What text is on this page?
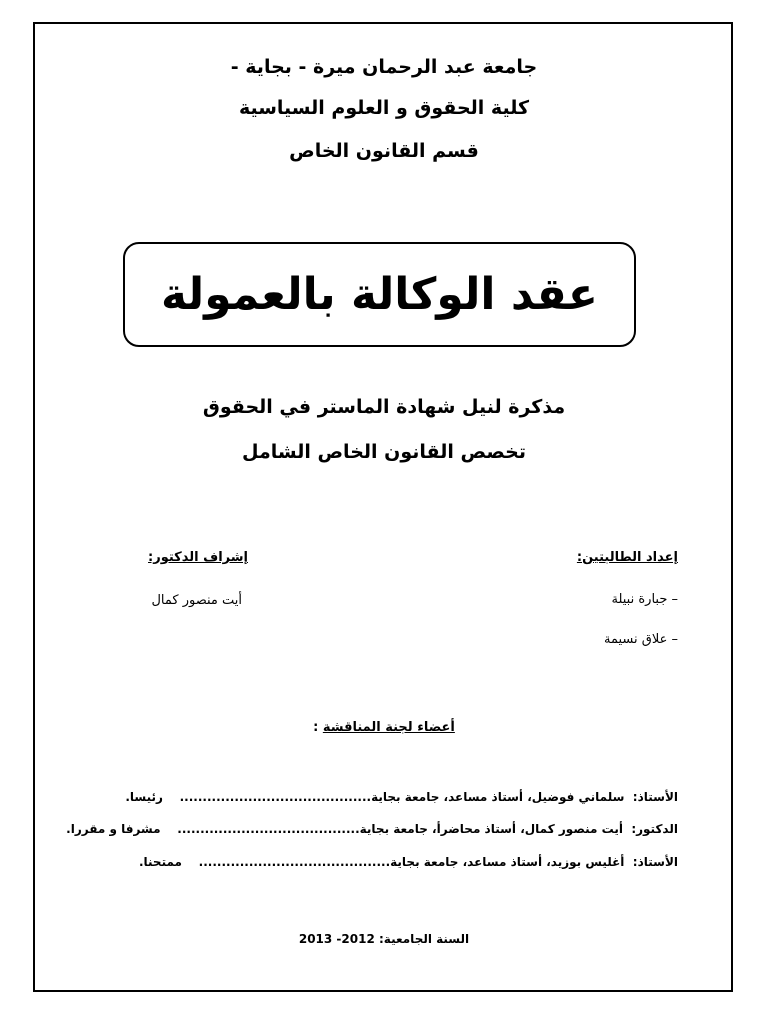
جامعة عبد الرحمان ميرة - بجاية -
كلية الحقوق و العلوم السياسية
قسم القانون الخاص
عقد الوكالة بالعمولة
مذكرة لنيل شهادة الماستر في الحقوق
تخصص القانون الخاص الشامل
إعداد الطالبتين:
– جبارة نبيلة
– علاق نسيمة
إشراف الدكتور:
أيت منصور كمال
أعضاء لجنة المناقشة :
الأستاذ:  سلماني فوضيل، أستاذ مساعد، جامعة بجاية..........................................    رئيسا.
الدكتور:  أيت منصور كمال، أستاذ محاضرأ، جامعة بجاية........................................    مشرفا و مقررا.
الأستاذ:  أغليس بوزيد، أستاذ مساعد، جامعة بجاية..........................................    ممتحنا.
السنة الجامعية: 2012- 2013
